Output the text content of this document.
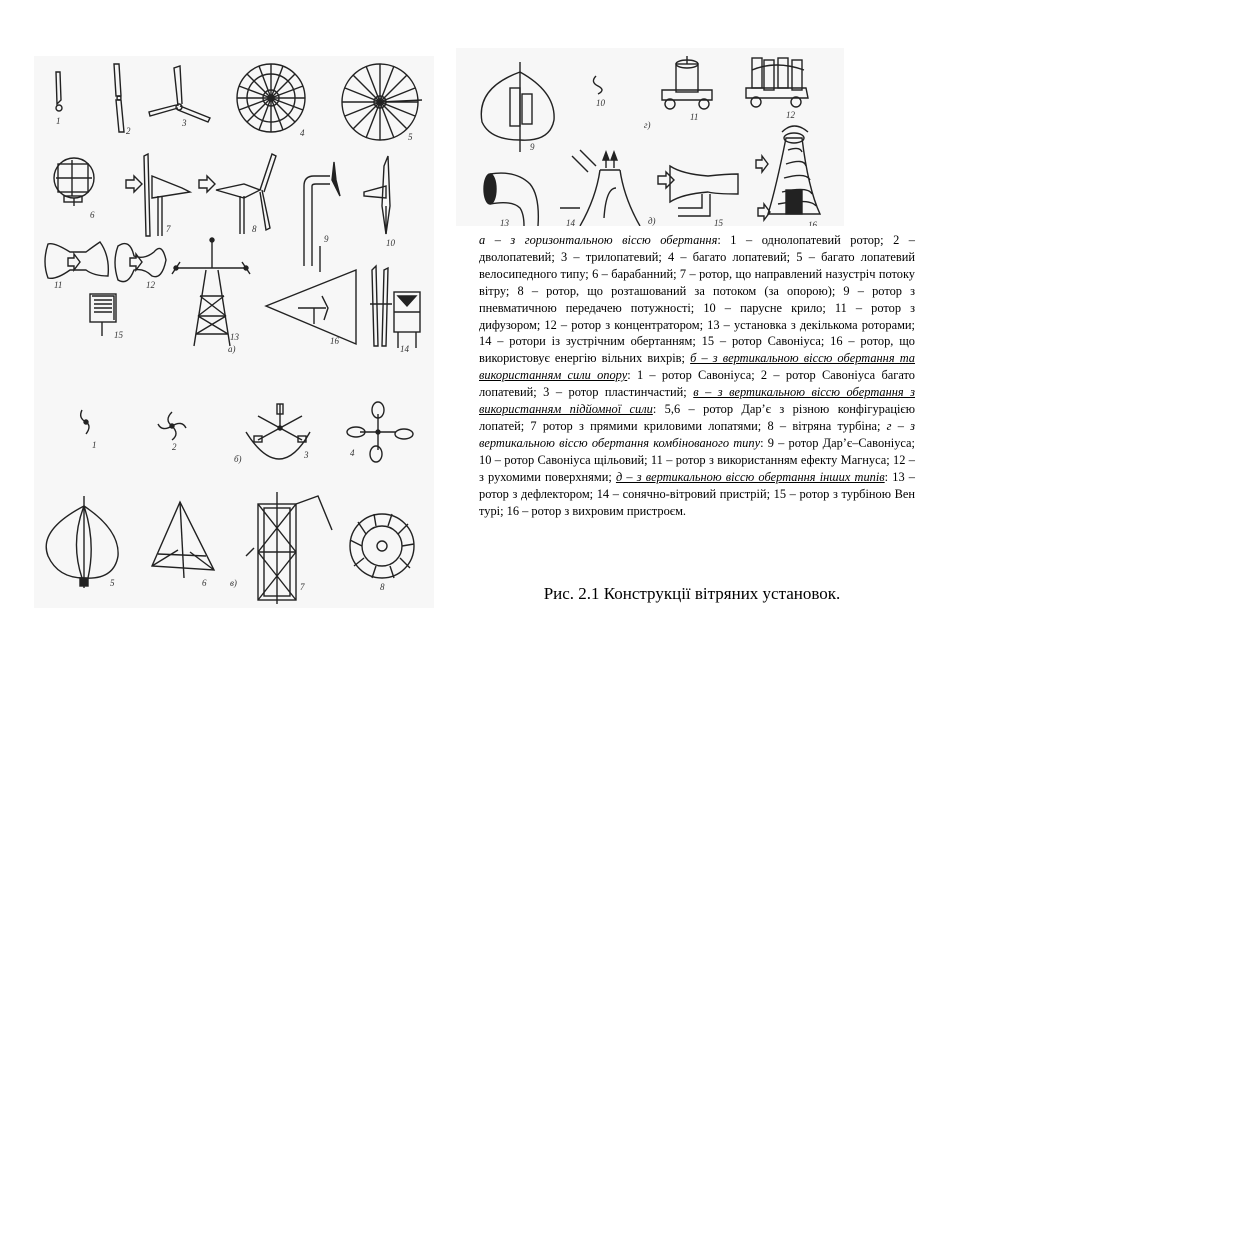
1
2
3
4	5
6
7	8
9	10
11	12
13
а)
16
14
15
1	2
б)	3	4
5	6	в)	7	8
9
10
г)
11	12
13	14	д)	15	16
а – з горизонтальною віссю обертання: 1 – однолопатевий ротор; 2 – дволопатевий; 3 – трилопатевий; 4 – багато лопатевий; 5 – багато лопатевий велосипедного типу; 6 – барабанний; 7 – ротор, що направлений назустріч потоку вітру; 8 – ротор, що розташований за потоком (за опорою); 9 – ротор з пневматичною передачею потужності; 10 – парусне крило; 11 – ротор з дифузором; 12 – ротор з концентратором; 13 – установка з декількома роторами; 14 – ротори із зустрічним обертанням; 15 – ротор Савоніуса; 16 – ротор, що використовує енергію вільних вихрів; б – з вертикальною віссю обертання та використанням сили опору: 1 – ротор Савоніуса; 2 – ротор Савоніуса багато лопатевий; 3 – ротор пластинчастий; в – з вертикальною віссю обертання з використанням підйомної сили: 5,6 – ротор Дар’є з різною конфігурацією лопатей; 7 ротор з прямими криловими лопатями; 8 – вітряна турбіна; г – з вертикальною віссю обертання комбінованого типу: 9 – ротор Дар’є–Савоніуса; 10 – ротор Савоніуса щільовий; 11 – ротор з використанням ефекту Магнуса; 12 – з рухомими поверхнями; д – з вертикальною віссю обертання інших типів: 13 – ротор з дефлектором; 14 – сонячно-вітровий пристрій; 15 – ротор з турбіною Вен турі; 16 – ротор з вихровим пристроєм.
Рис. 2.1 Конструкції вітряних установок.
